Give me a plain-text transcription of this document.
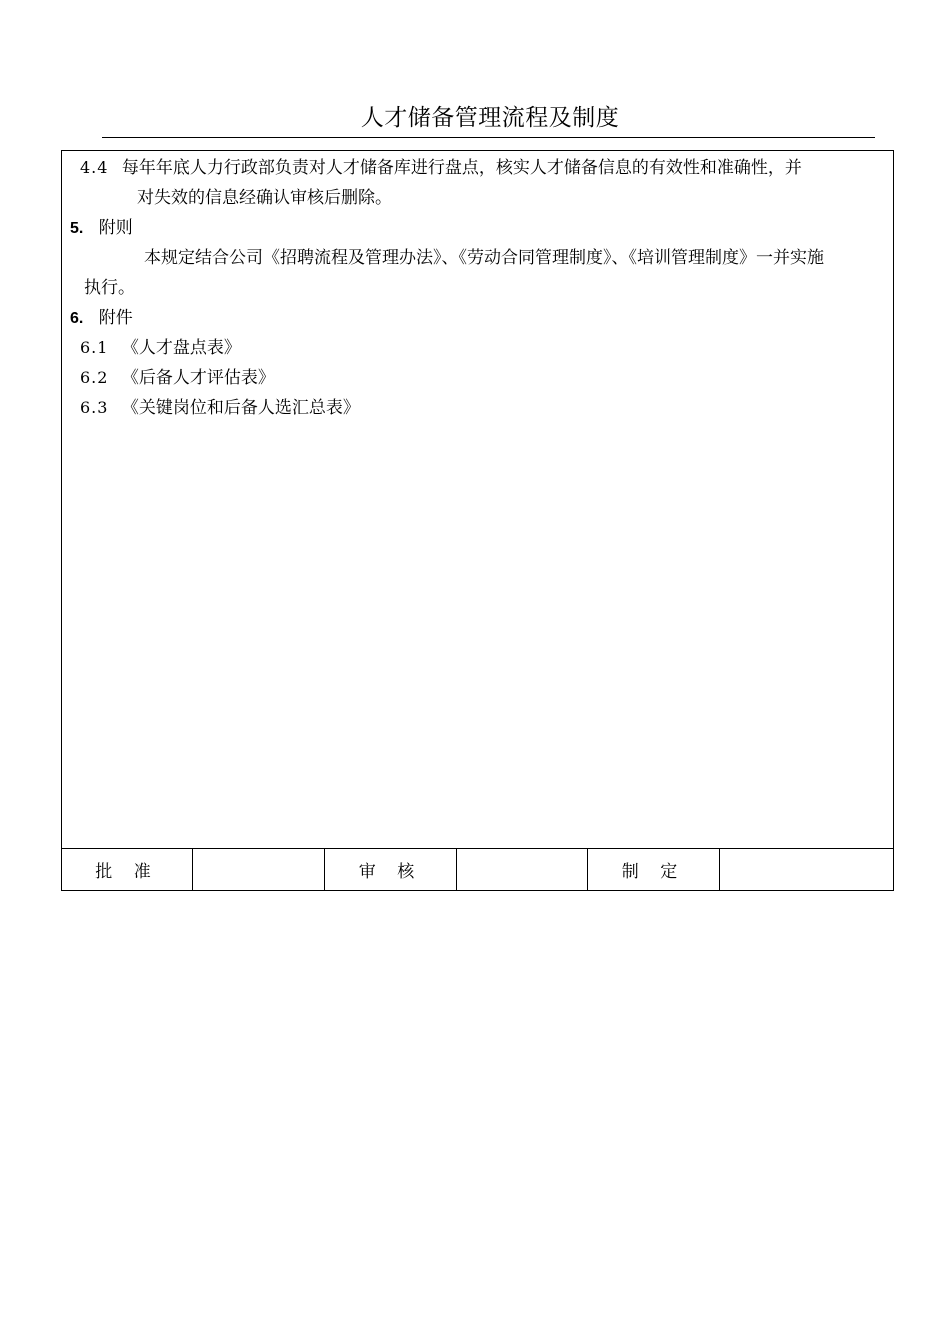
人才储备管理流程及制度
4.4 每年年底人力行政部负责对人才储备库进行盘点，核实人才储备信息的有效性和准确性，并
对失效的信息经确认审核后删除。
5. 附则
本规定结合公司《招聘流程及管理办法》、《劳动合同管理制度》、《培训管理制度》一并实施
执行。
6. 附件
6.1 《人才盘点表》
6.2 《后备人才评估表》
6.3 《关键岗位和后备人选汇总表》
批 准	审 核	制 定
